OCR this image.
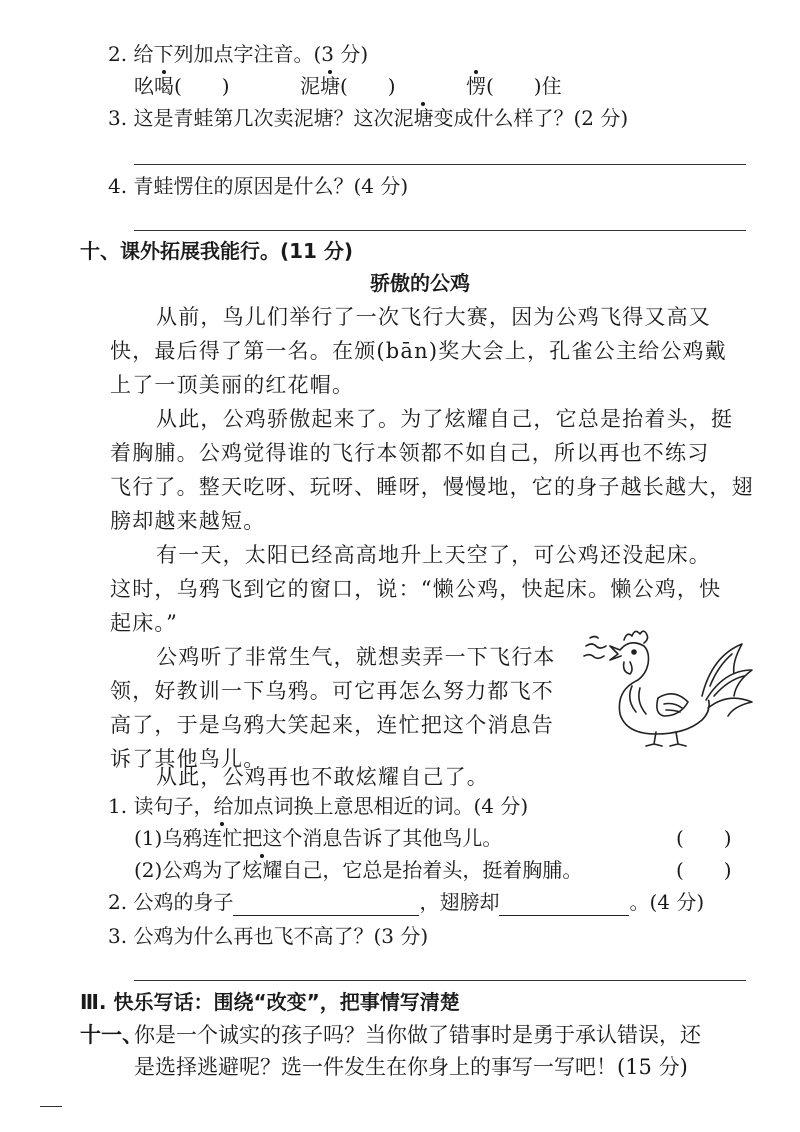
2. 给下列加点字注音。(3 分)
吆喝(　　)	泥塘(　　)	愣(　　)住
3. 这是青蛙第几次卖泥塘？这次泥塘变成什么样了？(2 分)
4. 青蛙愣住的原因是什么？(4 分)
十、课外拓展我能行。(11 分)
骄傲的公鸡
从前，鸟儿们举行了一次飞行大赛，因为公鸡飞得又高又
快，最后得了第一名。在颁(bān)奖大会上，孔雀公主给公鸡戴
上了一顶美丽的红花帽。
从此，公鸡骄傲起来了。为了炫耀自己，它总是抬着头，挺
着胸脯。公鸡觉得谁的飞行本领都不如自己，所以再也不练习
飞行了。整天吃呀、玩呀、睡呀，慢慢地，它的身子越长越大，翅
膀却越来越短。
有一天，太阳已经高高地升上天空了，可公鸡还没起床。
这时，乌鸦飞到它的窗口，说：“懒公鸡，快起床。懒公鸡，快
起床。”
公鸡听了非常生气，就想卖弄一下飞行本
领，好教训一下乌鸦。可它再怎么努力都飞不
高了，于是乌鸦大笑起来，连忙把这个消息告
诉了其他鸟儿。
从此，公鸡再也不敢炫耀自己了。
1. 读句子，给加点词换上意思相近的词。(4 分)
(1)乌鸦连忙把这个消息告诉了其他鸟儿。	(　　)
(2)公鸡为了炫耀自己，它总是抬着头，挺着胸脯。	(　　)
2. 公鸡的身子	，翅膀却	。(4 分)
3. 公鸡为什么再也飞不高了？(3 分)
Ⅲ. 快乐写话：围绕“改变”，把事情写清楚
十一、
你是一个诚实的孩子吗？当你做了错事时是勇于承认错误，还
是选择逃避呢？选一件发生在你身上的事写一写吧！(15 分)
